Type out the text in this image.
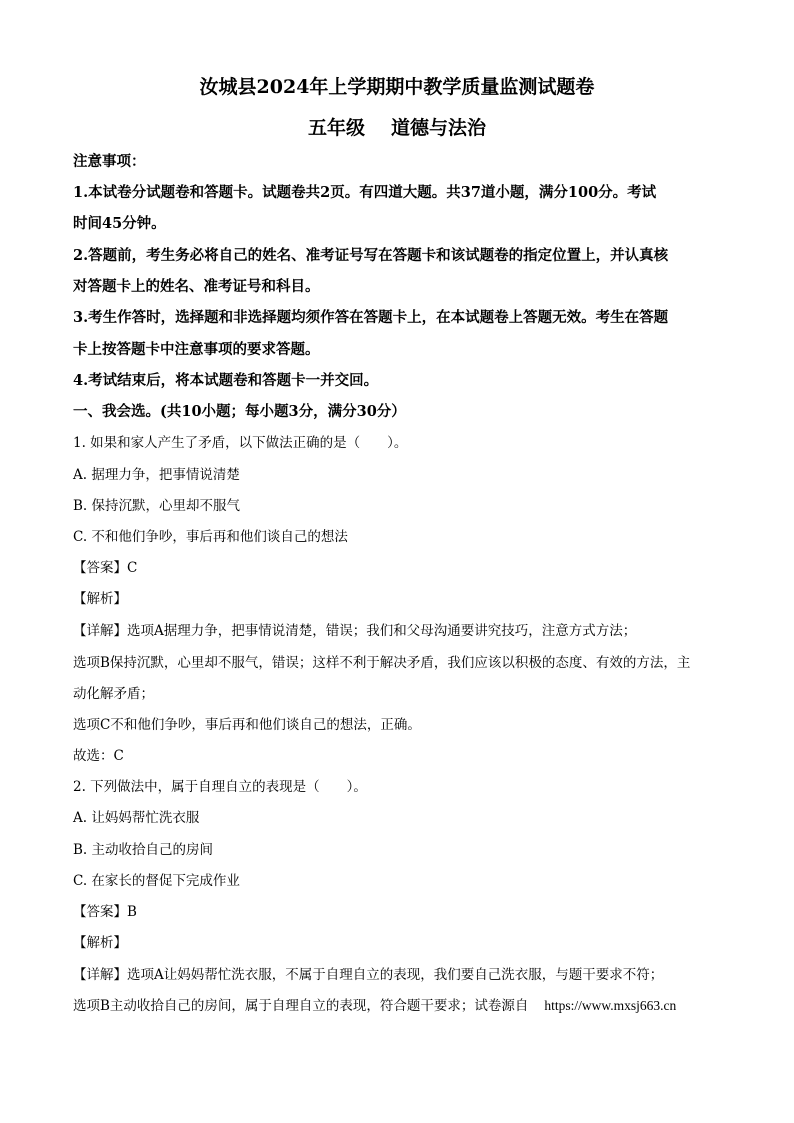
汝城县2024年上学期期中教学质量监测试题卷
五年级 道德与法治
注意事项：
1.本试卷分试题卷和答题卡。试题卷共2页。有四道大题。共37道小题，满分100分。考试
时间45分钟。
2.答题前，考生务必将自己的姓名、准考证号写在答题卡和该试题卷的指定位置上，并认真核
对答题卡上的姓名、准考证号和科目。
3.考生作答时，选择题和非选择题均须作答在答题卡上，在本试题卷上答题无效。考生在答题
卡上按答题卡中注意事项的要求答题。
4.考试结束后，将本试题卷和答题卡一并交回。
一、我会选。(共10小题；每小题3分，满分30分）
1. 如果和家人产生了矛盾，以下做法正确的是（　　）。
A. 据理力争，把事情说清楚
B. 保持沉默，心里却不服气
C. 不和他们争吵，事后再和他们谈自己的想法
【答案】C
【解析】
【详解】选项A据理力争，把事情说清楚，错误；我们和父母沟通要讲究技巧，注意方式方法；
选项B保持沉默，心里却不服气，错误；这样不利于解决矛盾，我们应该以积极的态度、有效的方法，主
动化解矛盾；
选项C不和他们争吵，事后再和他们谈自己的想法，正确。
故选：C
2. 下列做法中，属于自理自立的表现是（　　）。
A. 让妈妈帮忙洗衣服
B. 主动收拾自己的房间
C. 在家长的督促下完成作业
【答案】B
【解析】
【详解】选项A让妈妈帮忙洗衣服，不属于自理自立的表现，我们要自己洗衣服，与题干要求不符；
选项B主动收拾自己的房间，属于自理自立的表现，符合题干要求；试卷源自 https://www.mxsj663.cn
